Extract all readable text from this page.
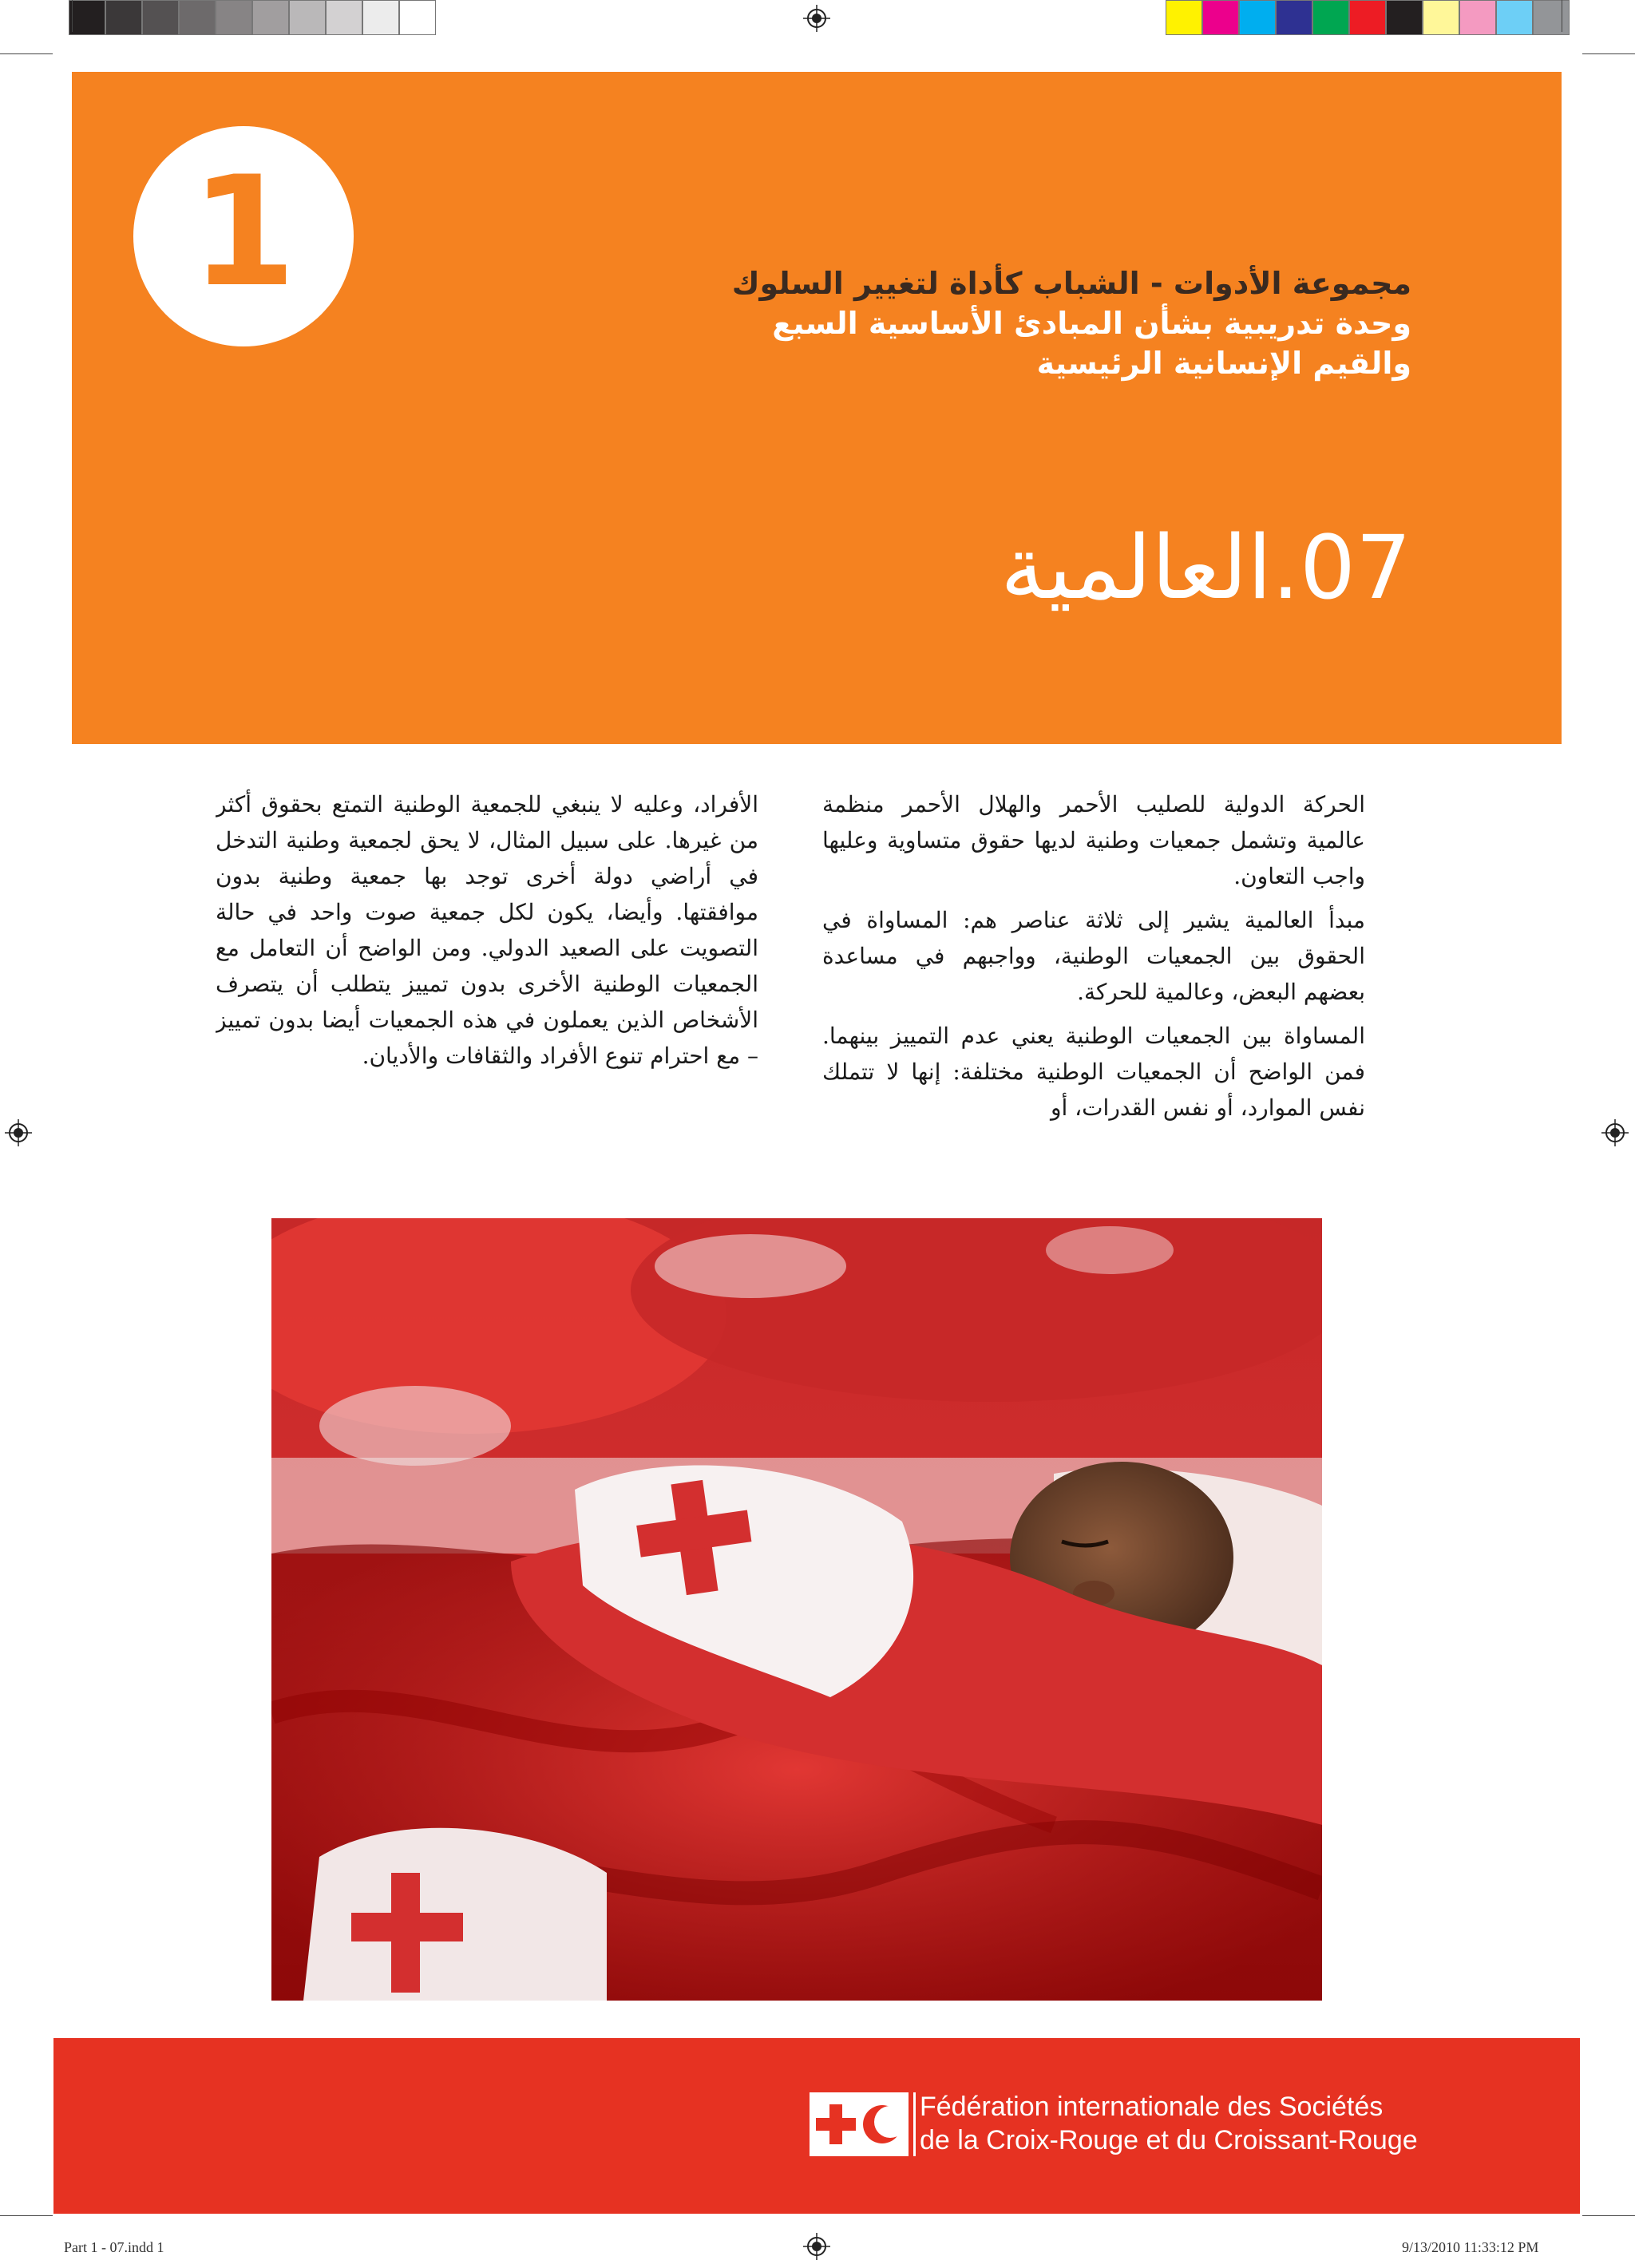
1	مجموعة الأدوات - الشباب كأداة لتغيير السلوك
وحدة تدريبية بشأن المبادئ الأساسية السبع
والقيم الإنسانية الرئيسية
07.العالمية

الحركة الدولية للصليب الأحمر والهلال الأحمر منظمة عالمية وتشمل جمعيات وطنية لديها حقوق متساوية وعليها واجب التعاون.

مبدأ العالمية يشير إلى ثلاثة عناصر هم: المساواة في الحقوق بين الجمعيات الوطنية، وواجبهم في مساعدة بعضهم البعض، وعالمية للحركة.

المساواة بين الجمعيات الوطنية يعني عدم التمييز بينهما. فمن الواضح أن الجمعيات الوطنية مختلفة: إنها لا تتملك نفس الموارد، أو نفس القدرات، أو

الأفراد، وعليه لا ينبغي للجمعية الوطنية التمتع بحقوق أكثر من غيرها. على سبيل المثال، لا يحق لجمعية وطنية التدخل في أراضي دولة أخرى توجد بها جمعية وطنية بدون موافقتها. وأيضا، يكون لكل جمعية صوت واحد في حالة التصويت على الصعيد الدولي. ومن الواضح أن التعامل مع الجمعيات الوطنية الأخرى بدون تمييز يتطلب أن يتصرف الأشخاص الذين يعملون في هذه الجمعيات أيضا بدون تمييز – مع احترام تنوع الأفراد والثقافات والأديان.

Fédération internationale des Sociétés
de la Croix-Rouge et du Croissant-Rouge
Part 1 - 07.indd 1	9/13/2010 11:33:12 PM
